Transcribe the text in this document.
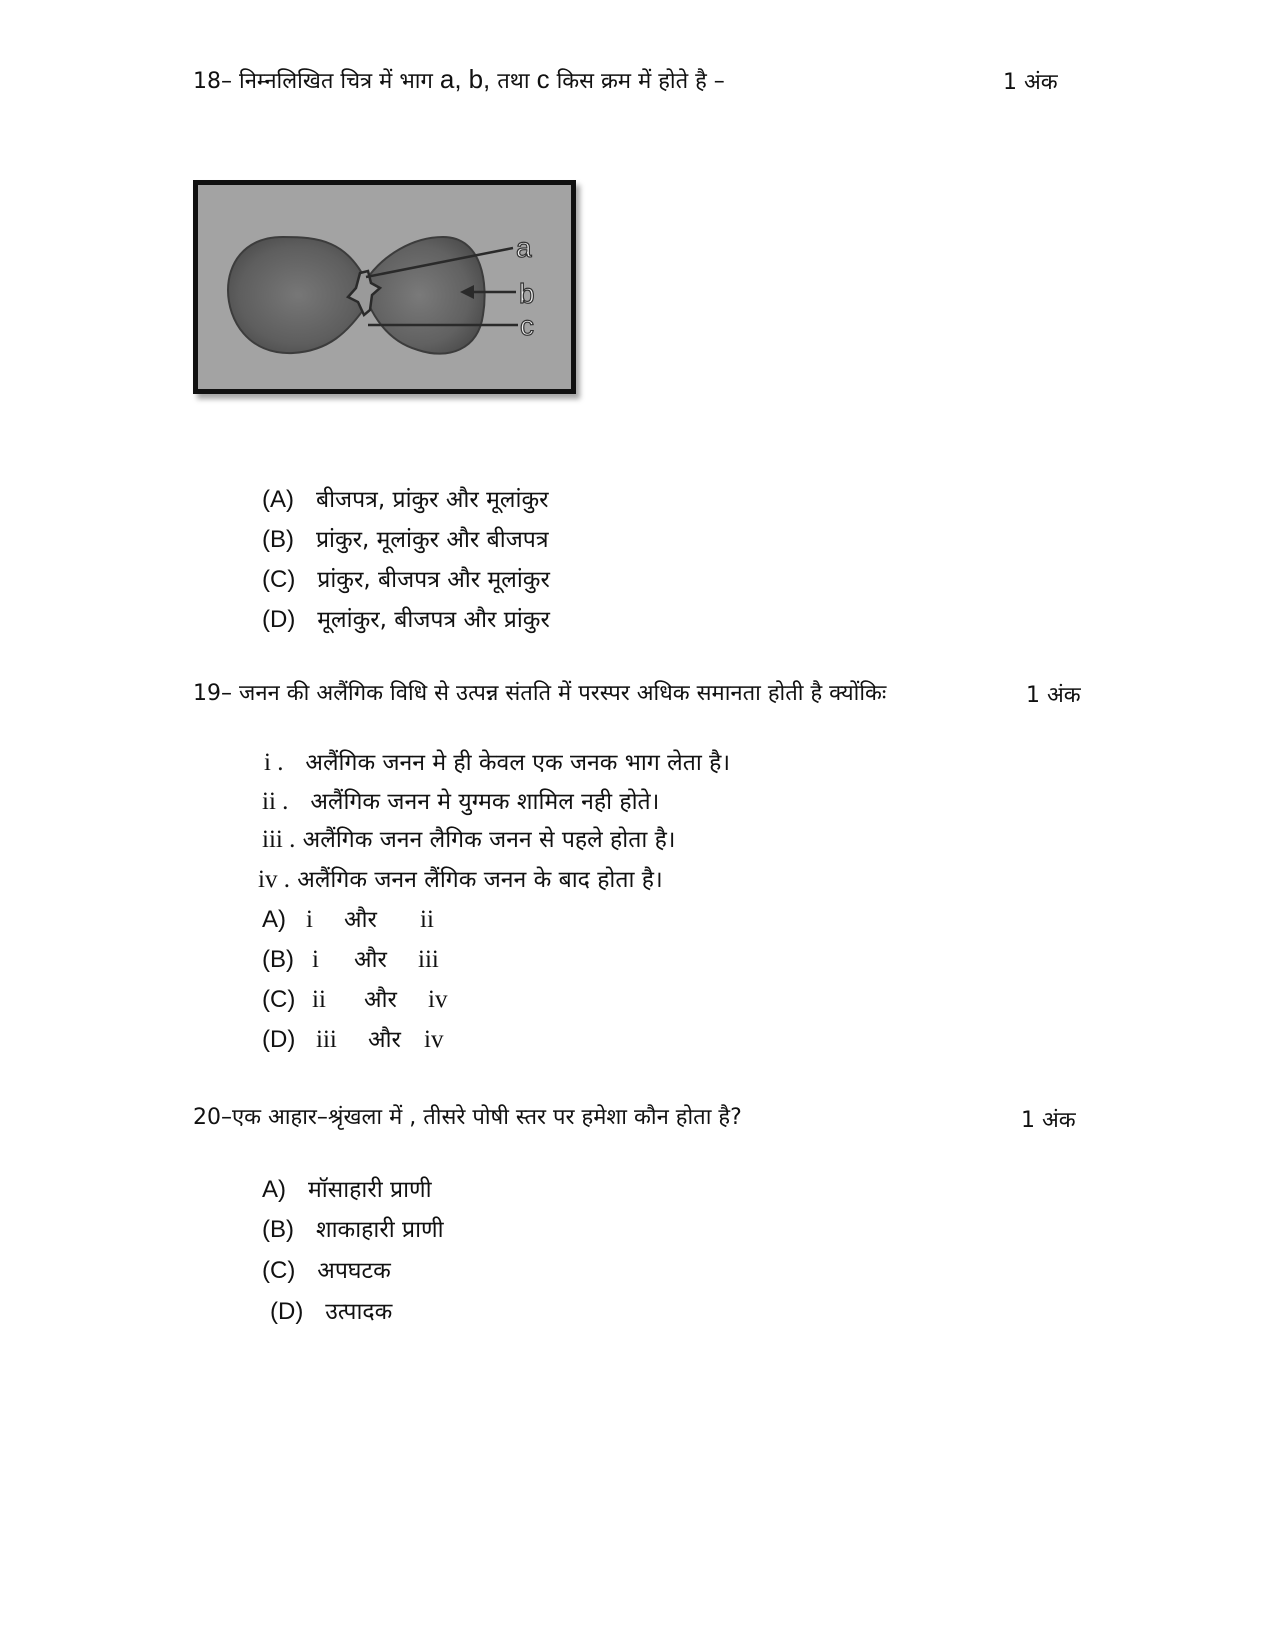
18– निम्नलिखित चित्र में भाग a, b, तथा c किस क्रम में होते है –	1 अंक
a
b
c
(A) बीजपत्र, प्रांकुर और मूलांकुर
(B) प्रांकुर, मूलांकुर और बीजपत्र
(C) प्रांकुर, बीजपत्र और मूलांकुर
(D) मूलांकुर, बीजपत्र और प्रांकुर
19– जनन की अलैंगिक विधि से उत्पन्न संतति में परस्पर अधिक समानता होती है क्योंकिः	1 अंक
i . अलैंगिक जनन मे ही केवल एक जनक भाग लेता है।
ii . अलैंगिक जनन मे युग्मक शामिल नही होते।
iii . अलैंगिक जनन लैगिक जनन से पहले होता है।
iv . अलैंगिक जनन लैंगिक जनन के बाद होता है।
A) i और ii
(B) i और iii
(C) ii और iv
(D) iii और iv
20–एक आहार–श्रृंखला में , तीसरे पोषी स्तर पर हमेशा कौन होता है?	1 अंक
A) मॉसाहारी प्राणी
(B) शाकाहारी प्राणी
(C) अपघटक
(D) उत्पादक
